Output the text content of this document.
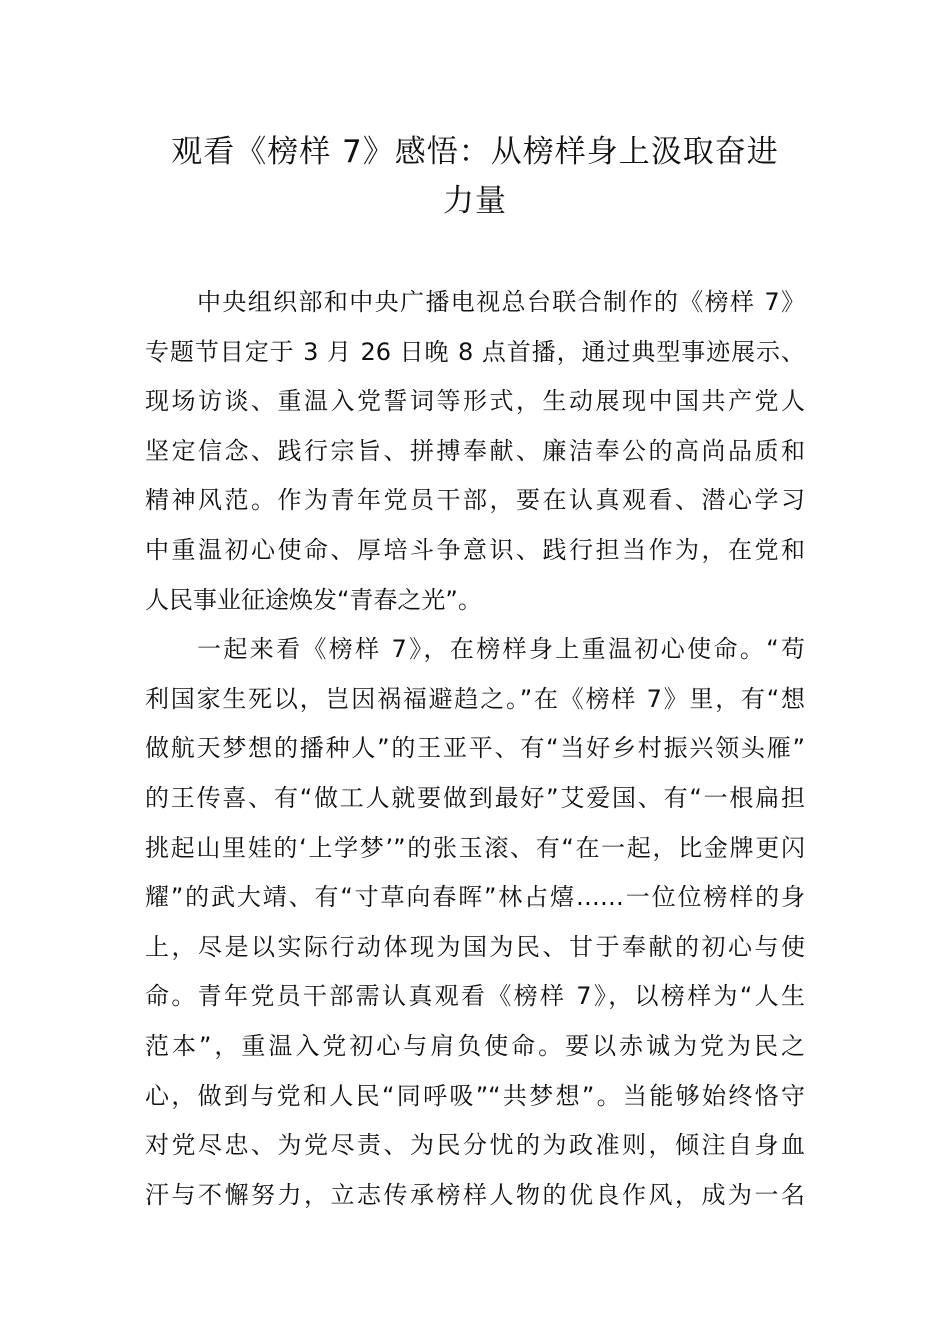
观看《榜样 7》感悟：从榜样身上汲取奋进
力量
中央组织部和中央广播电视总台联合制作的《榜样 7》
专题节目定于 3 月 26 日晚 8 点首播，通过典型事迹展示、
现场访谈、重温入党誓词等形式，生动展现中国共产党人
坚定信念、践行宗旨、拼搏奉献、廉洁奉公的高尚品质和
精神风范。作为青年党员干部，要在认真观看、潜心学习
中重温初心使命、厚培斗争意识、践行担当作为，在党和
人民事业征途焕发“青春之光”。
一起来看《榜样 7》，在榜样身上重温初心使命。“苟
利国家生死以，岂因祸福避趋之。”在《榜样 7》里，有“想
做航天梦想的播种人”的王亚平、有“当好乡村振兴领头雁”
的王传喜、有“做工人就要做到最好”艾爱国、有“一根扁担
挑起山里娃的‘上学梦’”的张玉滚、有“在一起，比金牌更闪
耀”的武大靖、有“寸草向春晖”林占熺……一位位榜样的身
上，尽是以实际行动体现为国为民、甘于奉献的初心与使
命。青年党员干部需认真观看《榜样 7》，以榜样为“人生
范本”，重温入党初心与肩负使命。要以赤诚为党为民之
心，做到与党和人民“同呼吸”“共梦想”。当能够始终恪守
对党尽忠、为党尽责、为民分忧的为政准则，倾注自身血
汗与不懈努力，立志传承榜样人物的优良作风，成为一名
